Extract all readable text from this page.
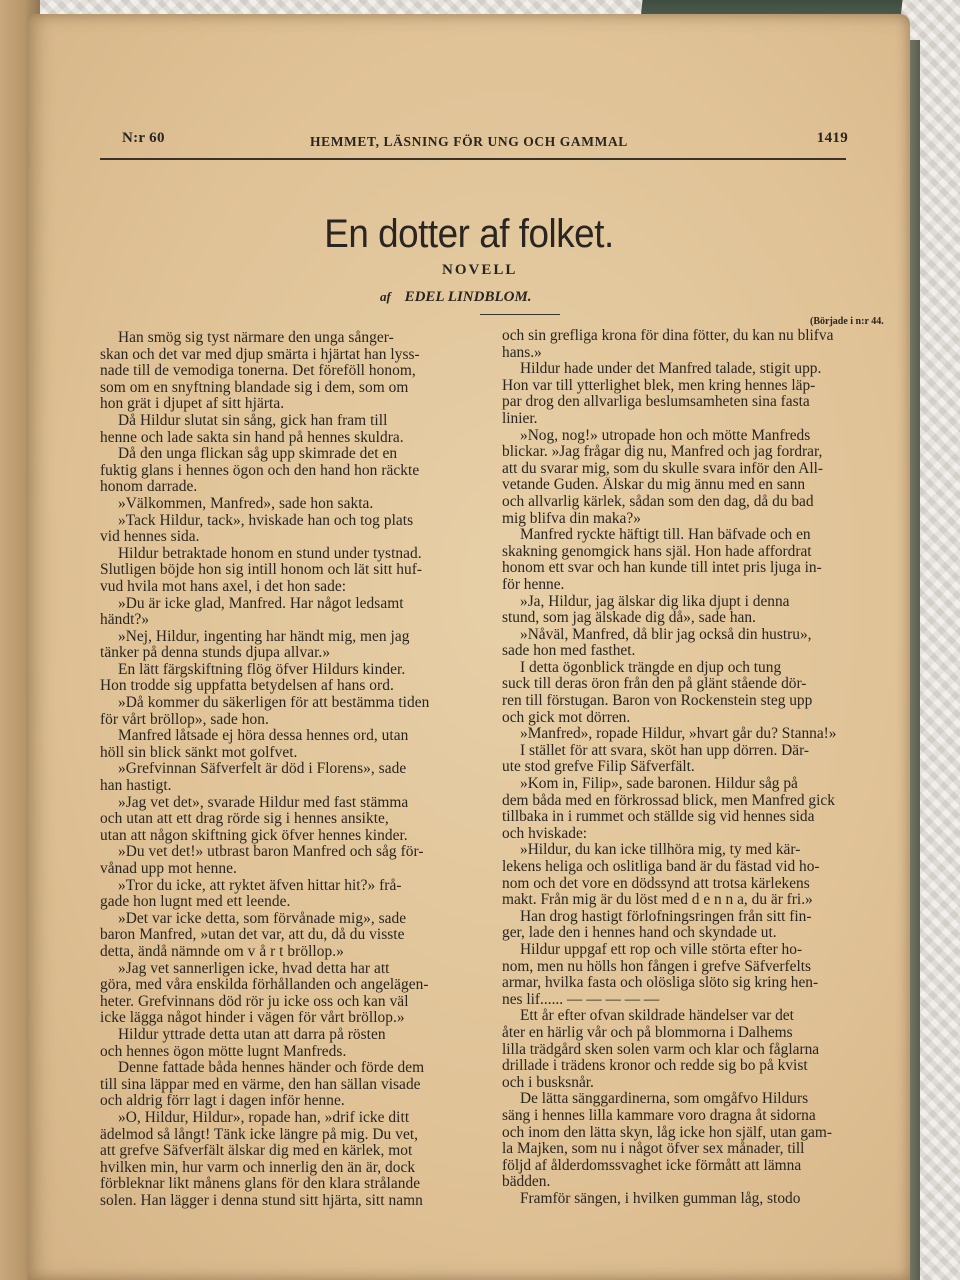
N:r 60	HEMMET, LÄSNING FÖR UNG OCH GAMMAL	1419
En dotter af folket.
NOVELL
af EDEL LINDBLOM.
(Började i n:r 44.
Han smög sig tyst närmare den unga sånger-
skan och det var med djup smärta i hjärtat han lyss-
nade till de vemodiga tonerna. Det föreföll honom,
som om en snyftning blandade sig i dem, som om
hon grät i djupet af sitt hjärta.
Då Hildur slutat sin sång, gick han fram till
henne och lade sakta sin hand på hennes skuldra.
Då den unga flickan såg upp skimrade det en
fuktig glans i hennes ögon och den hand hon räckte
honom darrade.
»Välkommen, Manfred», sade hon sakta.
»Tack Hildur, tack», hviskade han och tog plats
vid hennes sida.
Hildur betraktade honom en stund under tystnad.
Slutligen böjde hon sig intill honom och lät sitt huf-
vud hvila mot hans axel, i det hon sade:
»Du är icke glad, Manfred. Har något ledsamt
händt?»
»Nej, Hildur, ingenting har händt mig, men jag
tänker på denna stunds djupa allvar.»
En lätt färgskiftning flög öfver Hildurs kinder.
Hon trodde sig uppfatta betydelsen af hans ord.
»Då kommer du säkerligen för att bestämma tiden
för vårt bröllop», sade hon.
Manfred låtsade ej höra dessa hennes ord, utan
höll sin blick sänkt mot golfvet.
»Grefvinnan Säfverfelt är död i Florens», sade
han hastigt.
»Jag vet det», svarade Hildur med fast stämma
och utan att ett drag rörde sig i hennes ansikte,
utan att någon skiftning gick öfver hennes kinder.
»Du vet det!» utbrast baron Manfred och såg för-
vånad upp mot henne.
»Tror du icke, att ryktet äfven hittar hit?» frå-
gade hon lugnt med ett leende.
»Det var icke detta, som förvånade mig», sade
baron Manfred, »utan det var, att du, då du visste
detta, ändå nämnde om v å r t bröllop.»
»Jag vet sannerligen icke, hvad detta har att
göra, med våra enskilda förhållanden och angelägen-
heter. Grefvinnans död rör ju icke oss och kan väl
icke lägga något hinder i vägen för vårt bröllop.»
Hildur yttrade detta utan att darra på rösten
och hennes ögon mötte lugnt Manfreds.
Denne fattade båda hennes händer och förde dem
till sina läppar med en värme, den han sällan visade
och aldrig förr lagt i dagen inför henne.
»O, Hildur, Hildur», ropade han, »drif icke ditt
ädelmod så långt! Tänk icke längre på mig. Du vet,
att grefve Säfverfält älskar dig med en kärlek, mot
hvilken min, hur varm och innerlig den än är, dock
förbleknar likt månens glans för den klara strålande
solen. Han lägger i denna stund sitt hjärta, sitt namn
och sin grefliga krona för dina fötter, du kan nu blifva
hans.»
Hildur hade under det Manfred talade, stigit upp.
Hon var till ytterlighet blek, men kring hennes läp-
par drog den allvarliga beslumsamheten sina fasta
linier.
»Nog, nog!» utropade hon och mötte Manfreds
blickar. »Jag frågar dig nu, Manfred och jag fordrar,
att du svarar mig, som du skulle svara inför den All-
vetande Guden. Älskar du mig ännu med en sann
och allvarlig kärlek, sådan som den dag, då du bad
mig blifva din maka?»
Manfred ryckte häftigt till. Han bäfvade och en
skakning genomgick hans själ. Hon hade affordrat
honom ett svar och han kunde till intet pris ljuga in-
för henne.
»Ja, Hildur, jag älskar dig lika djupt i denna
stund, som jag älskade dig då», sade han.
»Nåväl, Manfred, då blir jag också din hustru»,
sade hon med fasthet.
I detta ögonblick trängde en djup och tung
suck till deras öron från den på glänt stående dör-
ren till förstugan. Baron von Rockenstein steg upp
och gick mot dörren.
»Manfred», ropade Hildur, »hvart går du? Stanna!»
I stället för att svara, sköt han upp dörren. Där-
ute stod grefve Filip Säfverfält.
»Kom in, Filip», sade baronen. Hildur såg på
dem båda med en förkrossad blick, men Manfred gick
tillbaka in i rummet och ställde sig vid hennes sida
och hviskade:
»Hildur, du kan icke tillhöra mig, ty med kär-
lekens heliga och oslitliga band är du fästad vid ho-
nom och det vore en dödssynd att trotsa kärlekens
makt. Från mig är du löst med d e n n a, du är fri.»
Han drog hastigt förlofningsringen från sitt fin-
ger, lade den i hennes hand och skyndade ut.
Hildur uppgaf ett rop och ville störta efter ho-
nom, men nu hölls hon fången i grefve Säfverfelts
armar, hvilka fasta och olösliga slöto sig kring hen-
nes lif...... — — — — —
Ett år efter ofvan skildrade händelser var det
åter en härlig vår och på blommorna i Dalhems
lilla trädgård sken solen varm och klar och fåglarna
drillade i trädens kronor och redde sig bo på kvist
och i busksnår.
De lätta sänggardinerna, som omgåfvo Hildurs
säng i hennes lilla kammare voro dragna åt sidorna
och inom den lätta skyn, låg icke hon själf, utan gam-
la Majken, som nu i något öfver sex månader, till
följd af ålderdomssvaghet icke förmått att lämna
bädden.
Framför sängen, i hvilken gumman låg, stodo
